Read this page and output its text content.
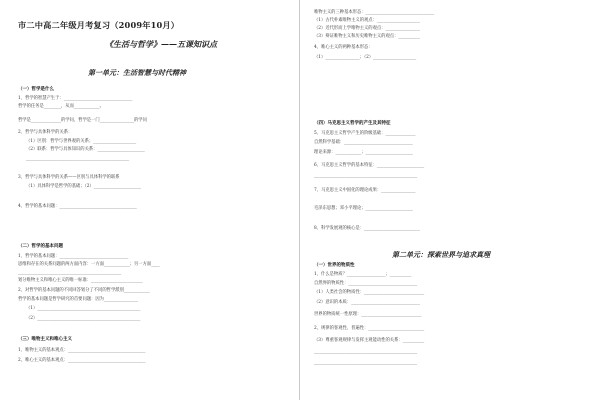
市二中高二年级月考复习（2009年10月）
《生活与哲学》——五课知识点
第一单元：生活智慧与时代精神
（一）哲学是什么
1、哲学的智慧产生于：________________________________
哲学的任务是________，从而____________。
哲学是______________的学问，哲学是一门________________的学问
2、哲学与具体科学的关系：
（1）区别：哲学与世界观的关系；____________________
（2）联系：哲学与具体知识的关系：______________________
________________________________________________
3、哲学与具体科学的关系——区别与具体科学的联系
（1）具体科学是哲学的基础；（2）______________________
4、哲学的基本问题：____________________________________
（二）哲学的基本问题
1、哲学的基本问题：________________________________
思维和存在的关系问题的两方面内容：一方面____________；另一方面____
________________________________________________
划分唯物主义和唯心主义的唯一标准：________________________
2、对哲学的基本问题的不同回答划分了不同的哲学派别____________
哲学的基本问题是哲学研究的首要问题：因为________________
（1）________________________________________________
（2）________________________________________________
（三）唯物主义和唯心主义
1、唯物主义的基本观点：____________________________________
2、唯心主义的基本观点：____________________________________
唯物主义的三种基本形态：________________________________
（1）古代朴素唯物主义的观点：____________________
（2）近代形而上学唯物主义的观点：________________
（3）辩证唯物主义和历史唯物主义的观点：__________
4、唯心主义的两种基本形态：
（1）________________；（2）____________________
（四）马克思主义哲学的产生及其特征
5、马克思主义哲学产生的阶级基础：______________
自然科学基础：________________________________
理论来源：____________；______________________
6、马克思主义哲学的基本特征：______________________
________________________________________________
7、马克思主义中国化的理论成果：________________
毛泽东思想；邓小平理论；______________________
8、科学发展观的核心是：__________________________
第二单元：探索世界与追求真理
（一）世界的物质性
1、什么是物质？__________________；__________
自然界的物质性：________________________________
（1）人类社会的物质性：____________________________
（2）意识的本质：________________________________
世界的物质统一性原理：____________________________
2、规律的客观性、普遍性：__________________________
（3）尊重客观规律与发挥主观能动性的关系：__________
________________________________________________
________________________________________________
